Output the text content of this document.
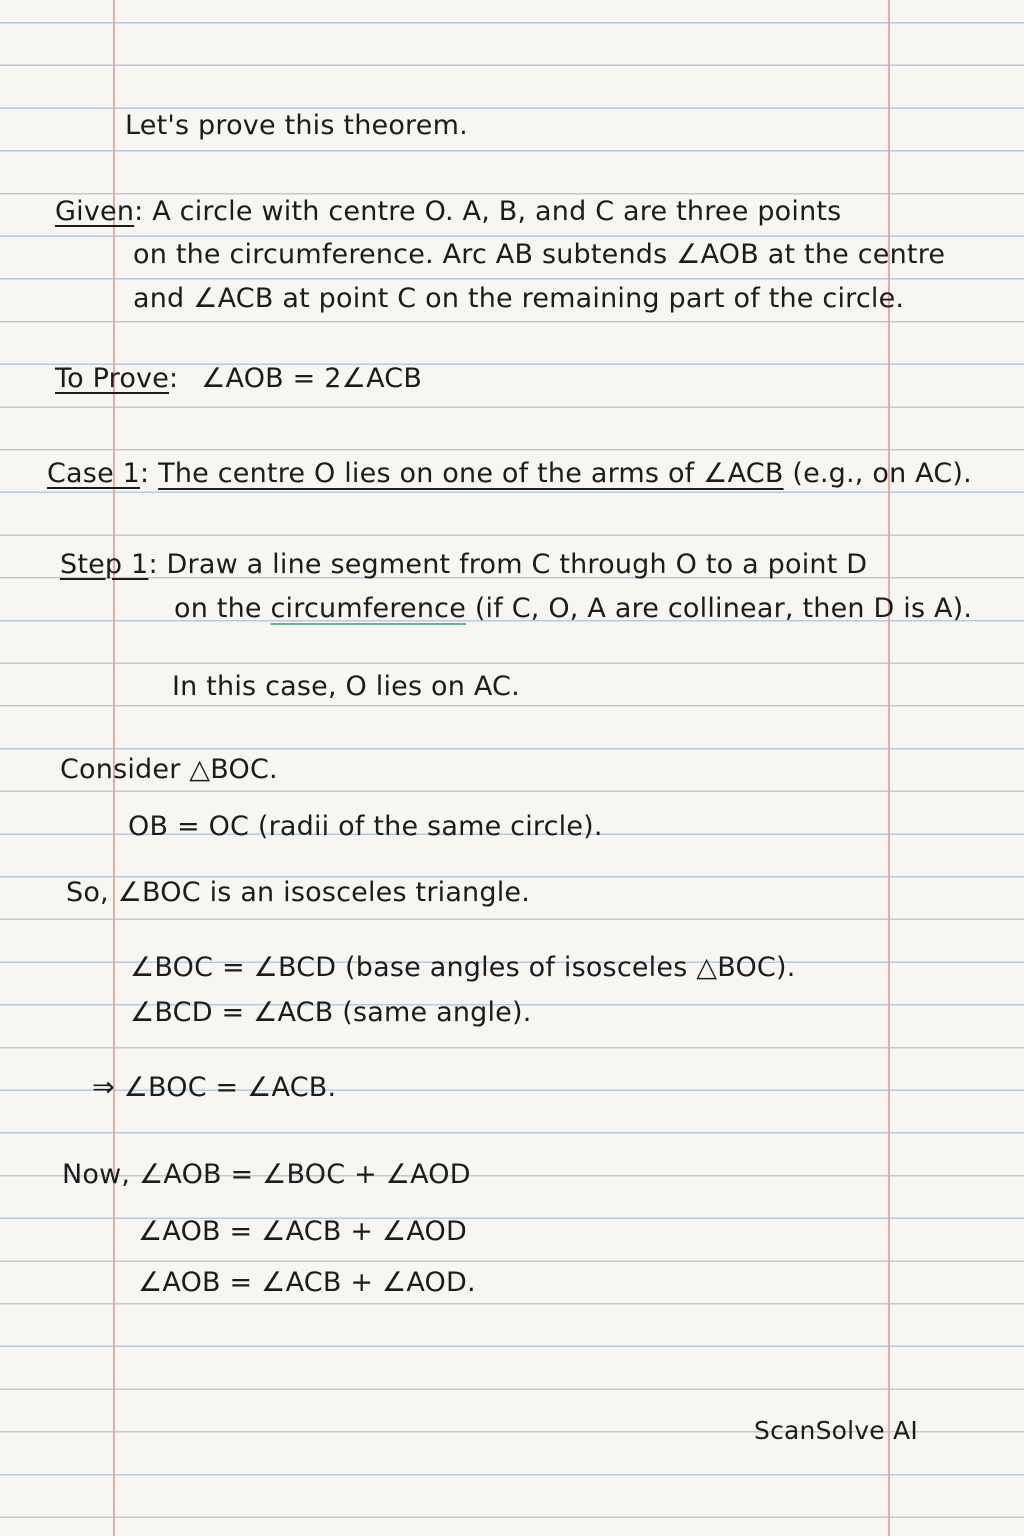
Let's prove this theorem.
Given: A circle with centre O. A, B, and C are three points
on the circumference. Arc AB subtends ∠AOB at the centre
and ∠ACB at point C on the remaining part of the circle.
To Prove: ∠AOB = 2∠ACB
Case 1: The centre O lies on one of the arms of ∠ACB (e.g., on AC).
Step 1: Draw a line segment from C through O to a point D
on the circumference (if C, O, A are collinear, then D is A).
In this case, O lies on AC.
Consider △BOC.
OB = OC (radii of the same circle).
So, ∠BOC is an isosceles triangle.
∠BOC = ∠BCD (base angles of isosceles △BOC).
∠BCD = ∠ACB (same angle).
⇒ ∠BOC = ∠ACB.
Now, ∠AOB = ∠BOC + ∠AOD
∠AOB = ∠ACB + ∠AOD
∠AOB = ∠ACB + ∠AOD.
ScanSolve AI
